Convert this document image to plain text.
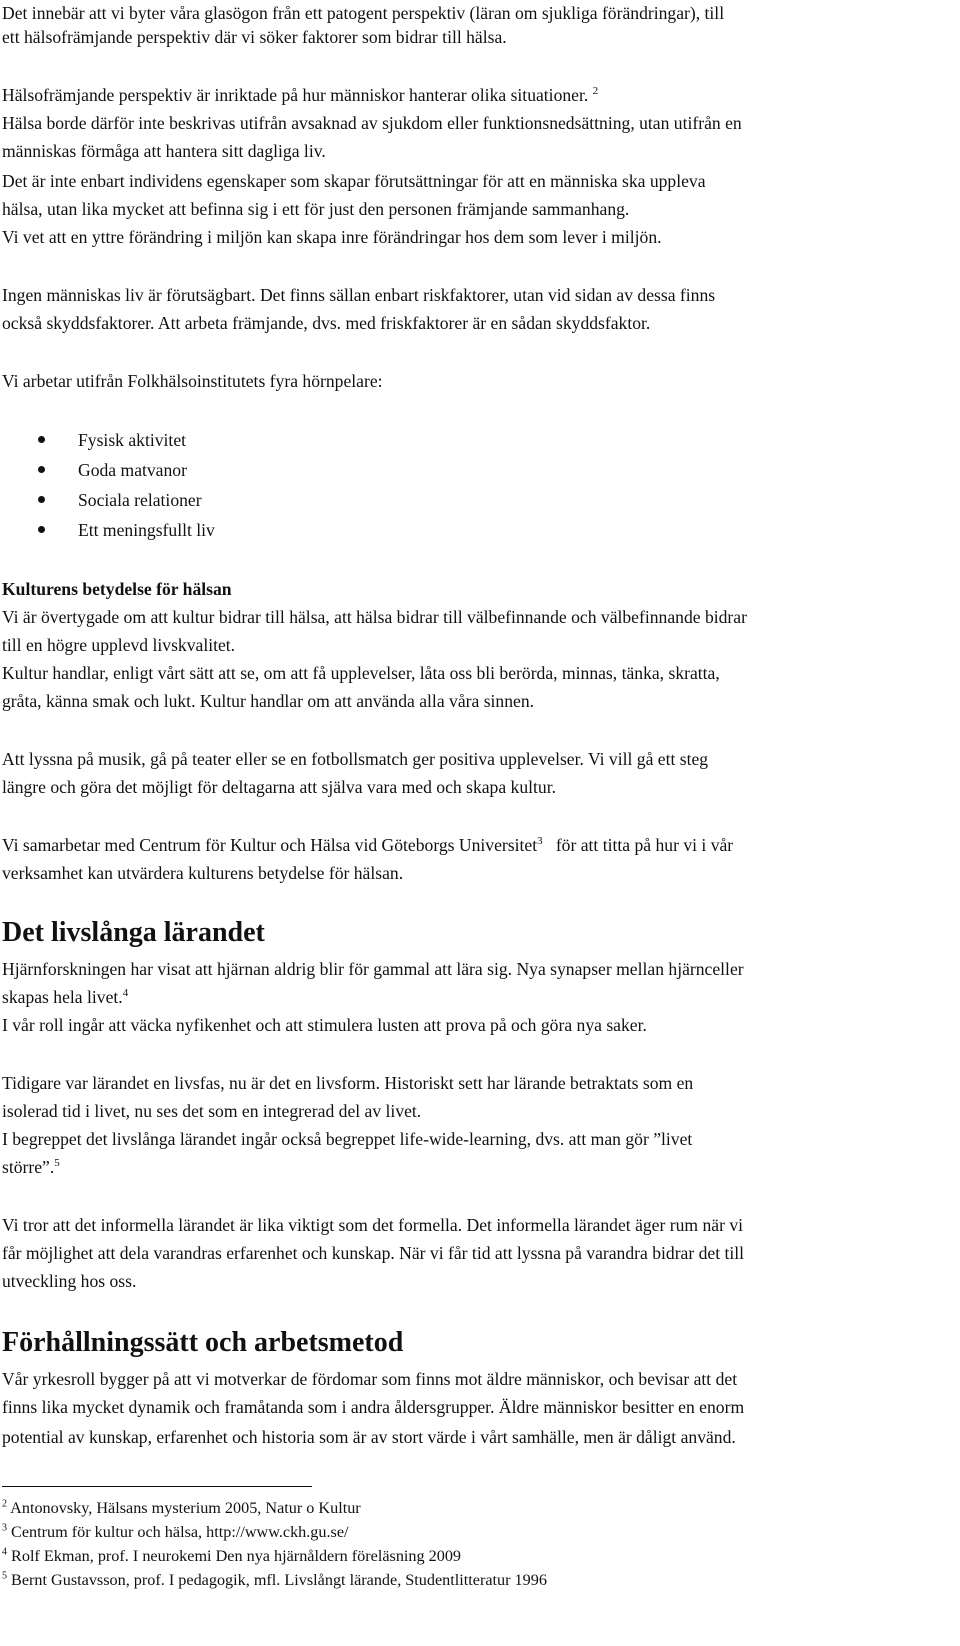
Det innebär att vi byter våra glasögon från ett patogent perspektiv (läran om sjukliga förändringar), till
ett hälsofrämjande perspektiv där vi söker faktorer som bidrar till hälsa.
Hälsofrämjande perspektiv är inriktade på hur människor hanterar olika situationer. $^2$
Hälsa borde därför inte beskrivas utifrån avsaknad av sjukdom eller funktionsnedsättning, utan utifrån en
människas förmåga att hantera sitt dagliga liv.
Det är inte enbart individens egenskaper som skapar förutsättningar för att en människa ska uppleva
hälsa, utan lika mycket att befinna sig i ett för just den personen främjande sammanhang.
Vi vet att en yttre förändring i miljön kan skapa inre förändringar hos dem som lever i miljön.
Ingen människas liv är förutsägbart. Det finns sällan enbart riskfaktorer, utan vid sidan av dessa finns
också skyddsfaktorer. Att arbeta främjande, dvs. med friskfaktorer är en sådan skyddsfaktor.
Vi arbetar utifrån Folkhälsoinstitutets fyra hörnpelare:
Fysisk aktivitet
Goda matvanor
Sociala relationer
Ett meningsfullt liv
Kulturens betydelse för hälsan
Vi är övertygade om att kultur bidrar till hälsa, att hälsa bidrar till välbefinnande och välbefinnande bidrar
till en högre upplevd livskvalitet.
Kultur handlar, enligt vårt sätt att se, om att få upplevelser, låta oss bli berörda, minnas, tänka, skratta,
gråta, känna smak och lukt. Kultur handlar om att använda alla våra sinnen.
Att lyssna på musik, gå på teater eller se en fotbollsmatch ger positiva upplevelser. Vi vill gå ett steg
längre och göra det möjligt för deltagarna att själva vara med och skapa kultur.
Vi samarbetar med Centrum för Kultur och Hälsa vid Göteborgs Universitet$^3$ för att titta på hur vi i vår
verksamhet kan utvärdera kulturens betydelse för hälsan.
Det livslånga lärandet
Hjärnforskningen har visat att hjärnan aldrig blir för gammal att lära sig. Nya synapser mellan hjärnceller
skapas hela livet.$^4$
I vår roll ingår att väcka nyfikenhet och att stimulera lusten att prova på och göra nya saker.
Tidigare var lärandet en livsfas, nu är det en livsform. Historiskt sett har lärande betraktats som en
isolerad tid i livet, nu ses det som en integrerad del av livet.
I begreppet det livslånga lärandet ingår också begreppet life-wide-learning, dvs. att man gör ”livet
större”.$^5$
Vi tror att det informella lärandet är lika viktigt som det formella. Det informella lärandet äger rum när vi
får möjlighet att dela varandras erfarenhet och kunskap. När vi får tid att lyssna på varandra bidrar det till
utveckling hos oss.
Förhållningssätt och arbetsmetod
Vår yrkesroll bygger på att vi motverkar de fördomar som finns mot äldre människor, och bevisar att det
finns lika mycket dynamik och framåtanda som i andra åldersgrupper. Äldre människor besitter en enorm
potential av kunskap, erfarenhet och historia som är av stort värde i vårt samhälle, men är dåligt använd.
$^2$ Antonovsky, Hälsans mysterium 2005, Natur o Kultur
$^3$ Centrum för kultur och hälsa, http://www.ckh.gu.se/
$^4$ Rolf Ekman, prof. I neurokemi Den nya hjärnåldern föreläsning 2009
$^5$ Bernt Gustavsson, prof. I pedagogik, mfl. Livslångt lärande, Studentlitteratur 1996
